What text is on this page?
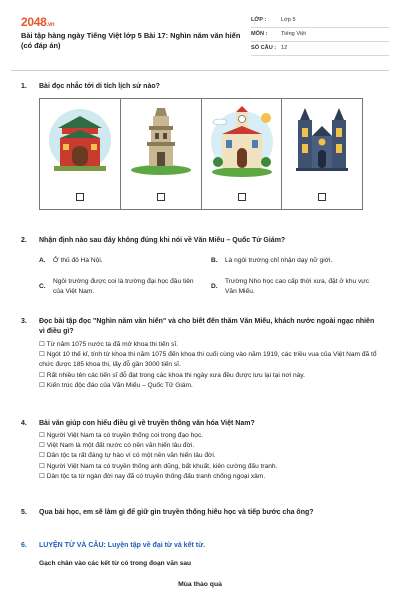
2048.vn
Bài tập hàng ngày Tiếng Việt lớp 5 Bài 17: Nghìn năm văn hiến (có đáp án)
LỚP :	Lớp 5
MÔN :	Tiếng Việt
SỐ CÂU : 12
1. Bài đọc nhắc tới di tích lịch sử nào?
2. Nhận định nào sau đây không đúng khi nói về Văn Miếu – Quốc Tử Giám?
A. Ở thủ đô Hà Nội.	B. Là ngôi trường chỉ nhận dạy nữ giới.
C.
Ngôi trường được coi là trường đại học đầu tiên của Việt Nam.
D.
Trường Nho học cao cấp thời xưa, đặt ở khu vực Văn Miếu.
3. Đọc bài tập đọc "Nghìn năm văn hiến" và cho biết đến thăm Văn Miếu, khách nước ngoài ngạc nhiên vì điều gì?
☐ Từ năm 1075 nước ta đã mở khoa thi tiến sĩ.
☐ Ngót 10 thế kỉ, tính từ khoa thi năm 1075 đến khoa thi cuối cùng vào năm 1919, các triều vua của Việt Nam đã tổ chức được 185 khoa thi, lấy đỗ gần 3000 tiến sĩ.
☐ Rất nhiều tên các tiến sĩ đỗ đạt trong các khoa thi ngày xưa đều được lưu lại tại nơi này.
☐ Kiến trúc độc đáo của Văn Miếu – Quốc Tử Giám.
4. Bài văn giúp con hiểu điều gì về truyền thống văn hóa Việt Nam?
☐ Người Việt Nam ta có truyền thống coi trọng đạo học.
☐ Việt Nam là một đất nước có nền văn hiến lâu đời.
☐ Dân tộc ta rất đáng tự hào vì có một nền văn hiến lâu đời.
☐ Người Việt Nam ta có truyền thống anh dũng, bất khuất, kiên cường đấu tranh.
☐ Dân tộc ta từ ngàn đời nay đã có truyền thống đấu tranh chống ngoại xâm.
5. Qua bài học, em sẽ làm gì để giữ gìn truyền thống hiếu học và tiếp bước cha ông?
6. LUYỆN TỪ VÀ CÂU: Luyện tập về đại từ và kết từ.
Gạch chân vào các kết từ có trong đoạn văn sau
Mùa thảo quả
